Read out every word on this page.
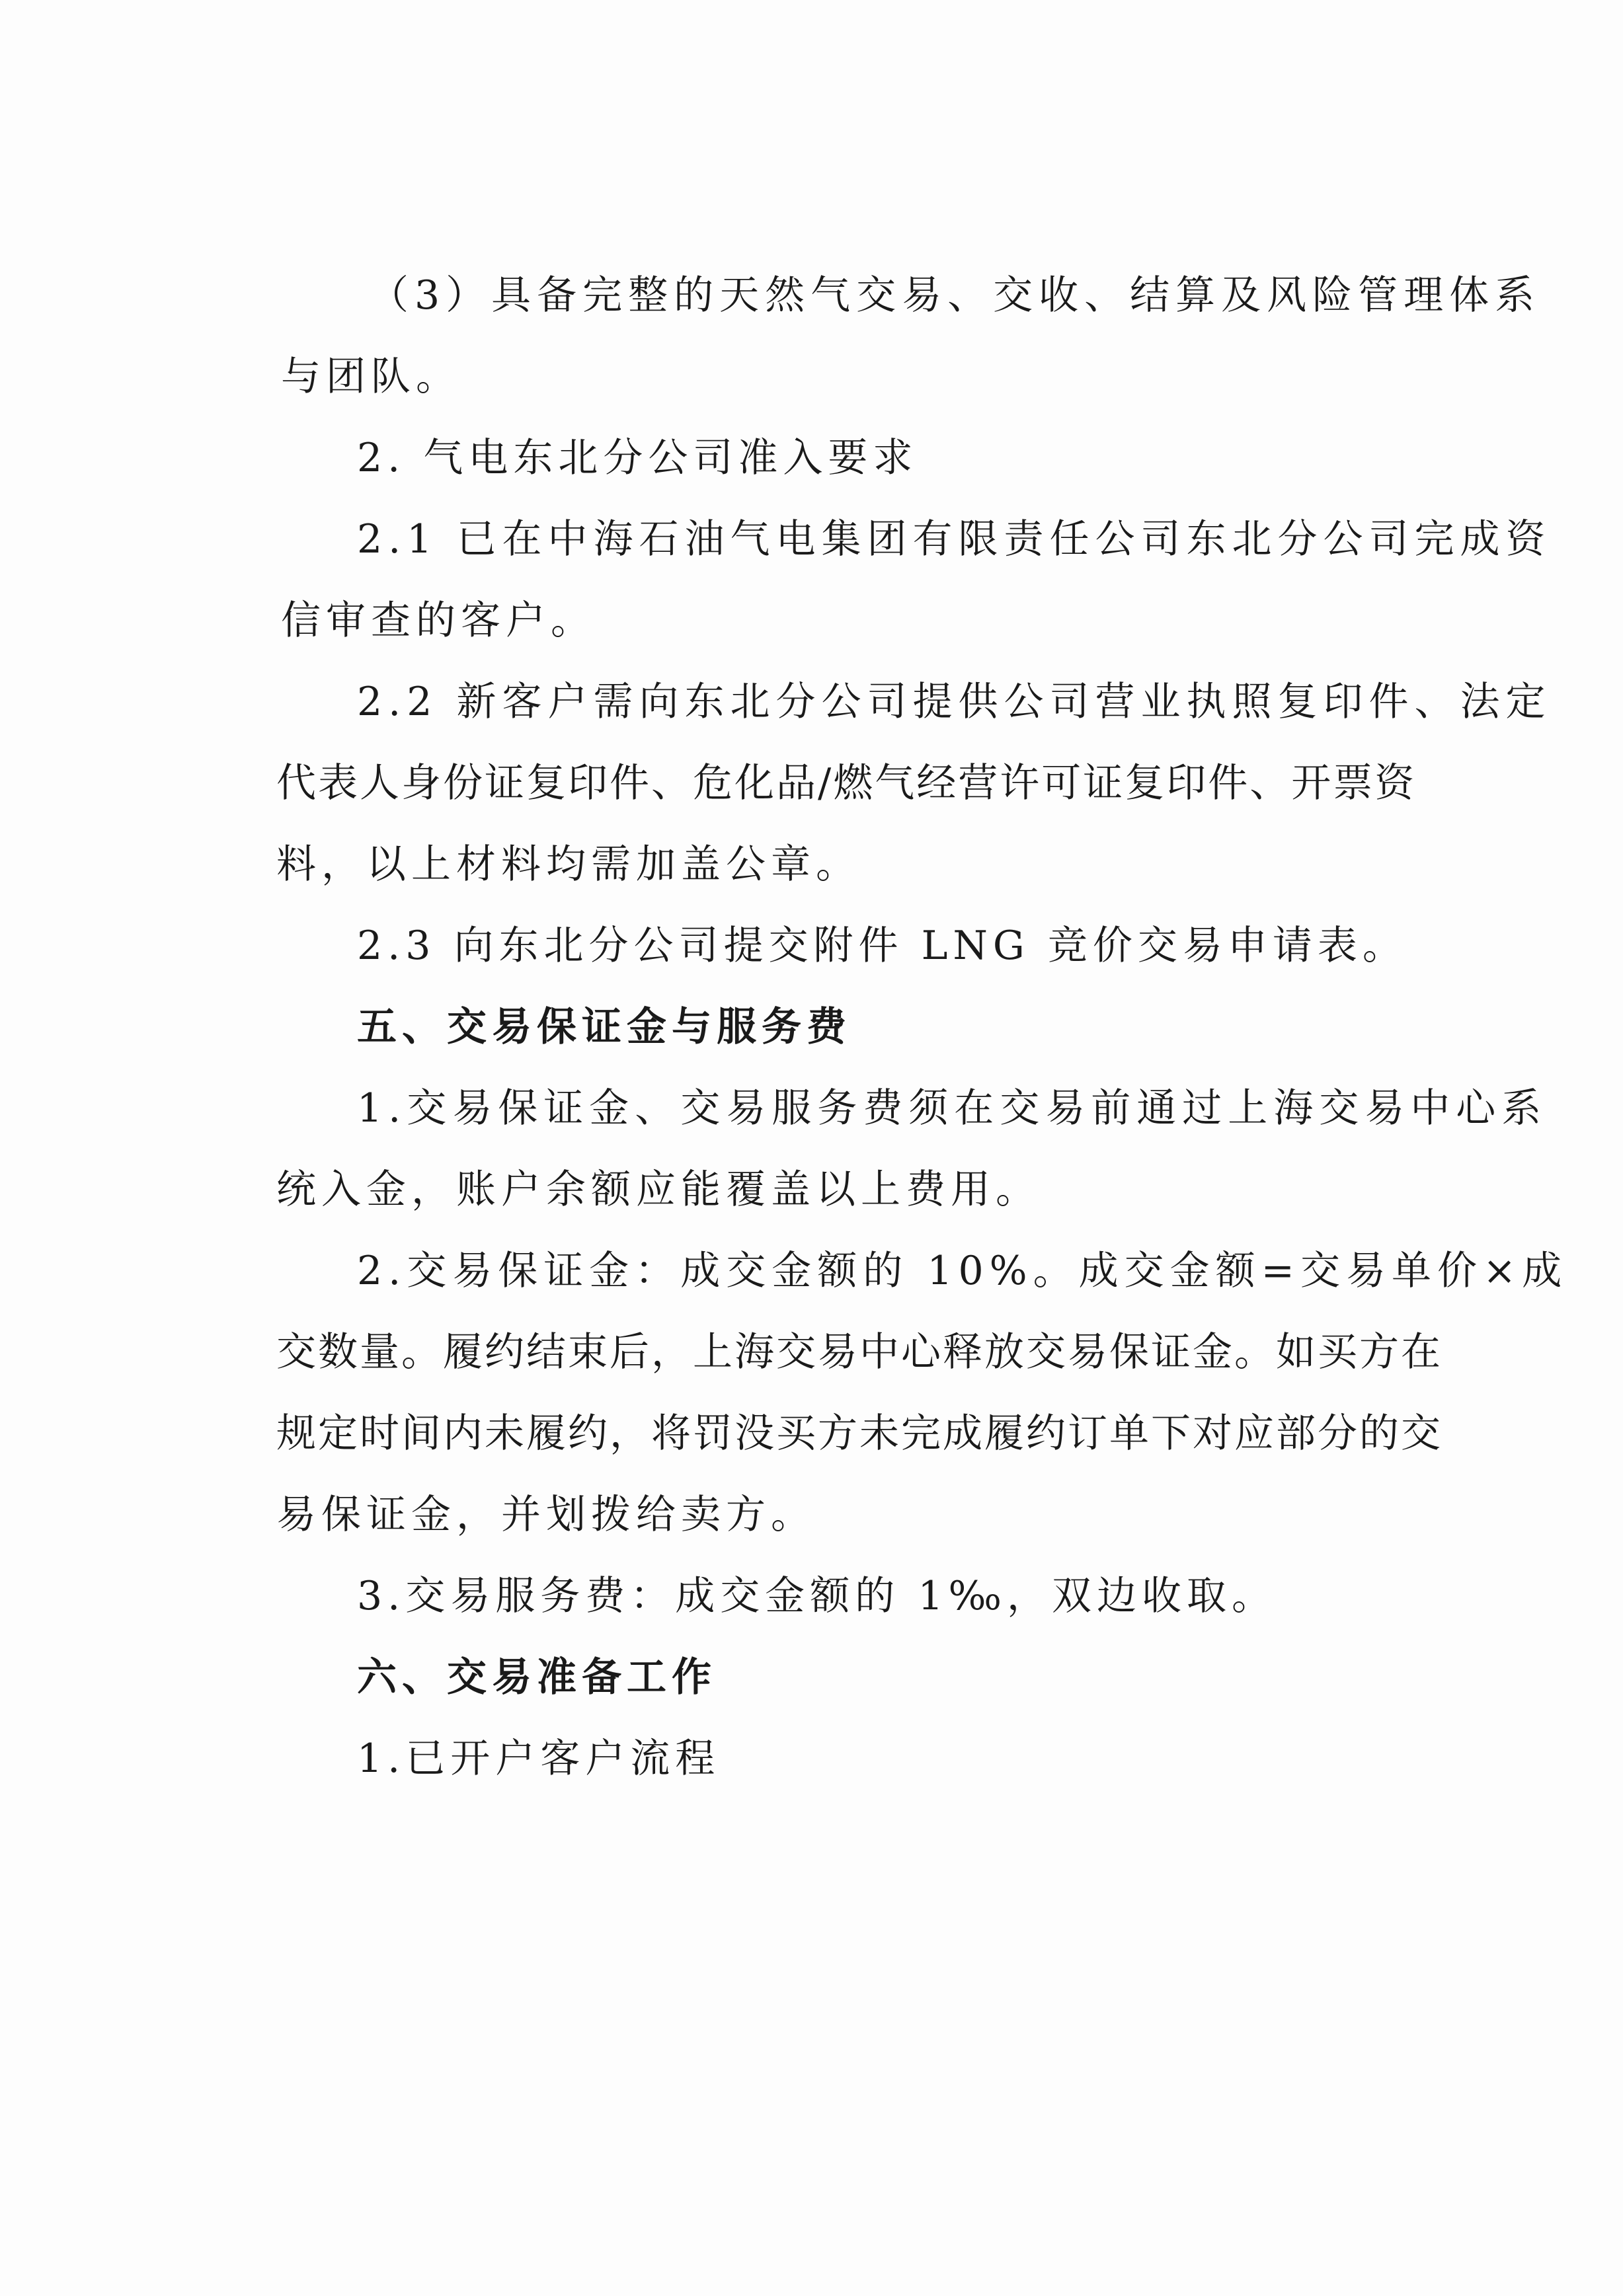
（3）具备完整的天然气交易、交收、结算及风险管理体系
与团队。
2. 气电东北分公司准入要求
2.1 已在中海石油气电集团有限责任公司东北分公司完成资
信审查的客户。
2.2 新客户需向东北分公司提供公司营业执照复印件、法定
代表人身份证复印件、危化品/燃气经营许可证复印件、开票资
料，以上材料均需加盖公章。
2.3 向东北分公司提交附件 LNG 竞价交易申请表。
五、交易保证金与服务费
1.交易保证金、交易服务费须在交易前通过上海交易中心系
统入金，账户余额应能覆盖以上费用。
2.交易保证金：成交金额的 10%。成交金额=交易单价×成
交数量。履约结束后，上海交易中心释放交易保证金。如买方在
规定时间内未履约，将罚没买方未完成履约订单下对应部分的交
易保证金，并划拨给卖方。
3.交易服务费：成交金额的 1‰，双边收取。
六、交易准备工作
1.已开户客户流程
